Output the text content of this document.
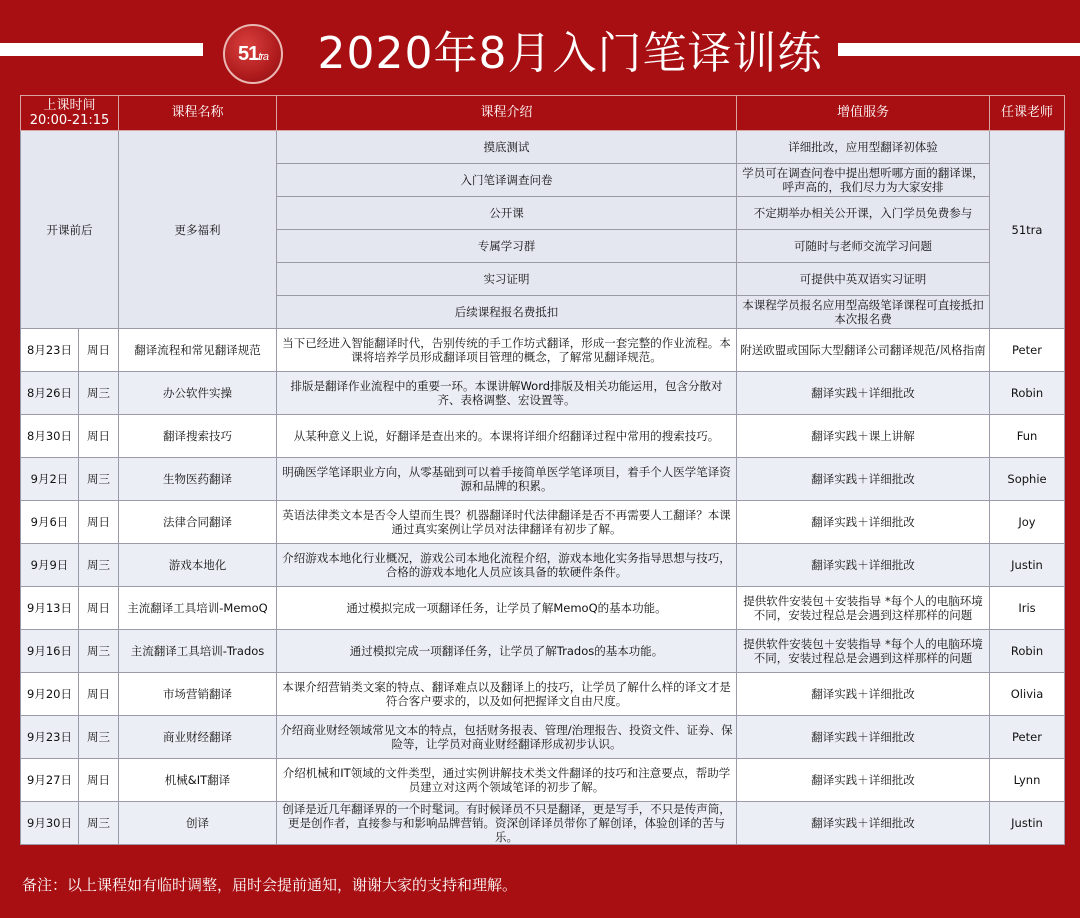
51tra	2020年8月入门笔译训练
上课时间
20:00-21:15		课程名称	课程介绍	增值服务	任课老师
开课前后		更多福利	摸底测试	详细批改，应用型翻译初体验	51tra
			入门笔译调查问卷	学员可在调查问卷中提出想听哪方面的翻译课，呼声高的，我们尽力为大家安排	
			公开课	不定期举办相关公开课，入门学员免费参与	
			专属学习群	可随时与老师交流学习问题	
			实习证明	可提供中英双语实习证明	
			后续课程报名费抵扣	本课程学员报名应用型高级笔译课程可直接抵扣本次报名费	
8月23日	周日	翻译流程和常见翻译规范	当下已经进入智能翻译时代，告别传统的手工作坊式翻译，形成一套完整的作业流程。本课将培养学员形成翻译项目管理的概念，了解常见翻译规范。	附送欧盟或国际大型翻译公司翻译规范/风格指南	Peter
8月26日	周三	办公软件实操	排版是翻译作业流程中的重要一环。本课讲解Word排版及相关功能运用，包含分散对齐、表格调整、宏设置等。	翻译实践＋详细批改	Robin
8月30日	周日	翻译搜索技巧	从某种意义上说，好翻译是查出来的。本课将详细介绍翻译过程中常用的搜索技巧。	翻译实践＋课上讲解	Fun
9月2日	周三	生物医药翻译	明确医学笔译职业方向，从零基础到可以着手接简单医学笔译项目，着手个人医学笔译资源和品牌的积累。	翻译实践＋详细批改	Sophie
9月6日	周日	法律合同翻译	英语法律类文本是否令人望而生畏？机器翻译时代法律翻译是否不再需要人工翻译？本课通过真实案例让学员对法律翻译有初步了解。	翻译实践＋详细批改	Joy
9月9日	周三	游戏本地化	介绍游戏本地化行业概况，游戏公司本地化流程介绍，游戏本地化实务指导思想与技巧，合格的游戏本地化人员应该具备的软硬件条件。	翻译实践＋详细批改	Justin
9月13日	周日	主流翻译工具培训-MemoQ	通过模拟完成一项翻译任务，让学员了解MemoQ的基本功能。	提供软件安装包＋安装指导 *每个人的电脑环境不同，安装过程总是会遇到这样那样的问题	Iris
9月16日	周三	主流翻译工具培训-Trados	通过模拟完成一项翻译任务，让学员了解Trados的基本功能。	提供软件安装包＋安装指导 *每个人的电脑环境不同，安装过程总是会遇到这样那样的问题	Robin
9月20日	周日	市场营销翻译	本课介绍营销类文案的特点、翻译难点以及翻译上的技巧，让学员了解什么样的译文才是符合客户要求的，以及如何把握译文自由尺度。	翻译实践＋详细批改	Olivia
9月23日	周三	商业财经翻译	介绍商业财经领域常见文本的特点，包括财务报表、管理/治理报告、投资文件、证券、保险等，让学员对商业财经翻译形成初步认识。	翻译实践＋详细批改	Peter
9月27日	周日	机械&IT翻译	介绍机械和IT领域的文件类型，通过实例讲解技术类文件翻译的技巧和注意要点，帮助学员建立对这两个领域笔译的初步了解。	翻译实践＋详细批改	Lynn
9月30日	周三	创译	创译是近几年翻译界的一个时髦词。有时候译员不只是翻译，更是写手，不只是传声筒，更是创作者，直接参与和影响品牌营销。资深创译译员带你了解创译，体验创译的苦与乐。	翻译实践＋详细批改	Justin
备注：以上课程如有临时调整，届时会提前通知，谢谢大家的支持和理解。
